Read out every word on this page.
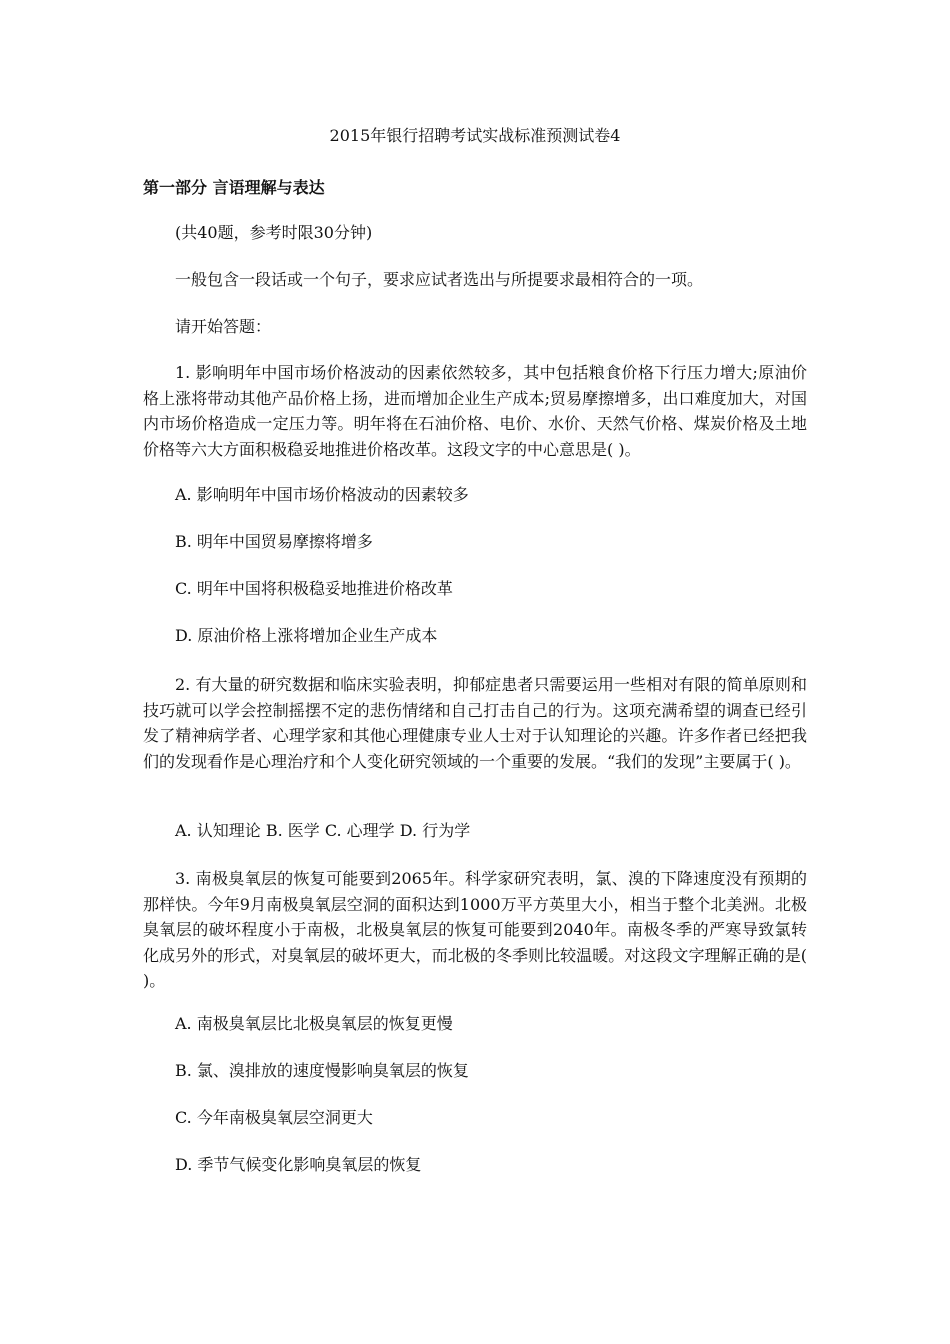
2015年银行招聘考试实战标准预测试卷4
第一部分 言语理解与表达
(共40题，参考时限30分钟)
一般包含一段话或一个句子，要求应试者选出与所提要求最相符合的一项。
请开始答题：
1. 影响明年中国市场价格波动的因素依然较多，其中包括粮食价格下行压力增大;原油价格上涨将带动其他产品价格上扬，进而增加企业生产成本;贸易摩擦增多，出口难度加大，对国内市场价格造成一定压力等。明年将在石油价格、电价、水价、天然气价格、煤炭价格及土地价格等六大方面积极稳妥地推进价格改革。这段文字的中心意思是( )。
A. 影响明年中国市场价格波动的因素较多
B. 明年中国贸易摩擦将增多
C. 明年中国将积极稳妥地推进价格改革
D. 原油价格上涨将增加企业生产成本
2. 有大量的研究数据和临床实验表明，抑郁症患者只需要运用一些相对有限的简单原则和技巧就可以学会控制摇摆不定的悲伤情绪和自己打击自己的行为。这项充满希望的调查已经引发了精神病学者、心理学家和其他心理健康专业人士对于认知理论的兴趣。许多作者已经把我们的发现看作是心理治疗和个人变化研究领域的一个重要的发展。“我们的发现”主要属于( )。
A. 认知理论 B. 医学 C. 心理学 D. 行为学
3. 南极臭氧层的恢复可能要到2065年。科学家研究表明，氯、溴的下降速度没有预期的那样快。今年9月南极臭氧层空洞的面积达到1000万平方英里大小，相当于整个北美洲。北极臭氧层的破坏程度小于南极，北极臭氧层的恢复可能要到2040年。南极冬季的严寒导致氯转化成另外的形式，对臭氧层的破坏更大，而北极的冬季则比较温暖。对这段文字理解正确的是( )。
A. 南极臭氧层比北极臭氧层的恢复更慢
B. 氯、溴排放的速度慢影响臭氧层的恢复
C. 今年南极臭氧层空洞更大
D. 季节气候变化影响臭氧层的恢复
